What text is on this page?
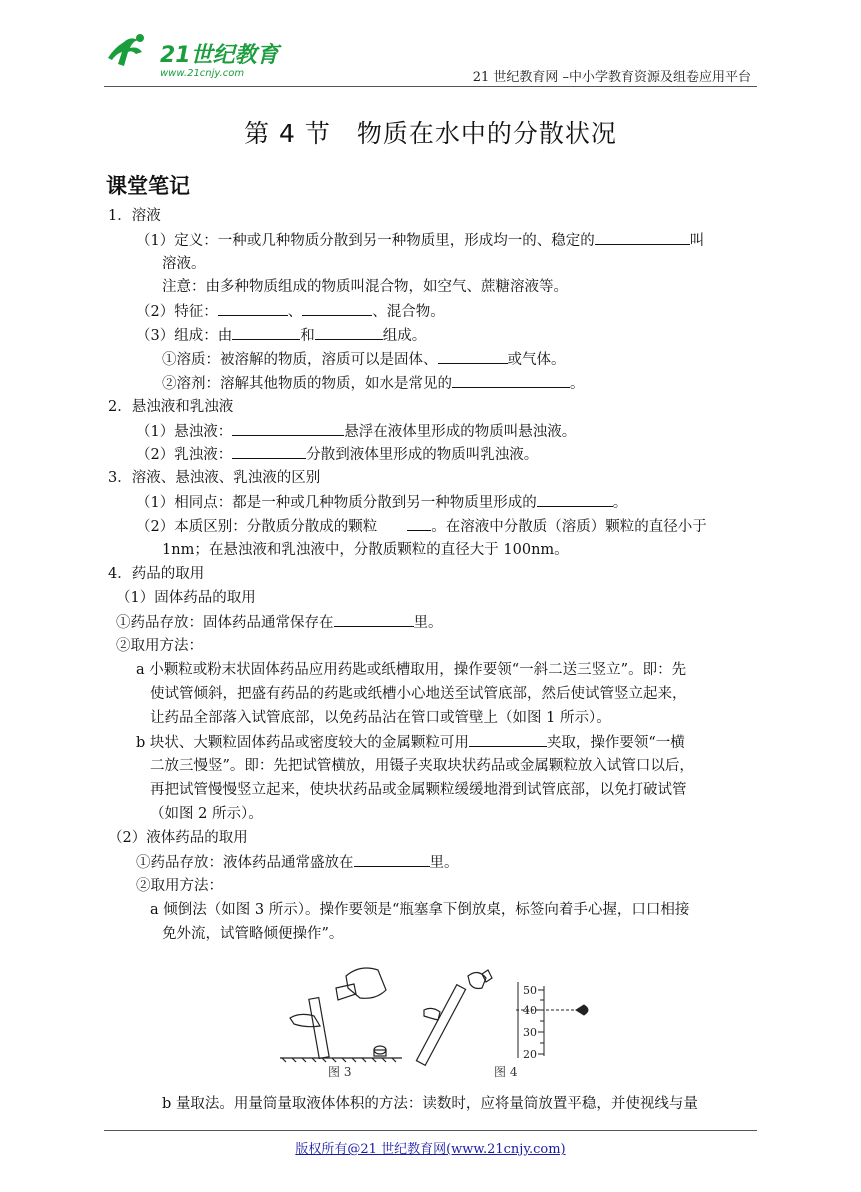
21世纪教育
www.21cnjy.com	21 世纪教育网 –中小学教育资源及组卷应用平台
第 4 节　物质在水中的分散状况
课堂笔记
1．溶液
（1）定义：一种或几种物质分散到另一种物质里，形成均一的、稳定的	叫
溶液。
注意：由多种物质组成的物质叫混合物，如空气、蔗糖溶液等。
（2）特征：	、	、混合物。
（3）组成：由	和	组成。
①溶质：被溶解的物质，溶质可以是固体、	或气体。
②溶剂：溶解其他物质的物质，如水是常见的	。
2．悬浊液和乳浊液
（1）悬浊液：	悬浮在液体里形成的物质叫悬浊液。
（2）乳浊液：	分散到液体里形成的物质叫乳浊液。
3．溶液、悬浊液、乳浊液的区别
（1）相同点：都是一种或几种物质分散到另一种物质里形成的	。
（2）本质区别：分散质分散成的颗粒	。在溶液中分散质（溶质）颗粒的直径小于
1nm；在悬浊液和乳浊液中，分散质颗粒的直径大于 100nm。
4．药品的取用
（1）固体药品的取用
①药品存放：固体药品通常保存在	里。
②取用方法：
a 小颗粒或粉末状固体药品应用药匙或纸槽取用，操作要领“一斜二送三竖立”。即：先
使试管倾斜，把盛有药品的药匙或纸槽小心地送至试管底部，然后使试管竖立起来，
让药品全部落入试管底部，以免药品沾在管口或管壁上（如图 1 所示）。
b 块状、大颗粒固体药品或密度较大的金属颗粒可用	夹取，操作要领“一横
二放三慢竖”。即：先把试管横放，用镊子夹取块状药品或金属颗粒放入试管口以后，
再把试管慢慢竖立起来，使块状药品或金属颗粒缓缓地滑到试管底部，以免打破试管
（如图 2 所示）。
（2）液体药品的取用
①药品存放：液体药品通常盛放在	里。
②取用方法：
a 倾倒法（如图 3 所示）。操作要领是“瓶塞拿下倒放桌，标签向着手心握，口口相接
免外流，试管略倾便操作”。
50
40
30
20
图 3	图 4
b 量取法。用量筒量取液体体积的方法：读数时，应将量筒放置平稳，并使视线与量
版权所有@21 世纪教育网(www.21cnjy.com)
